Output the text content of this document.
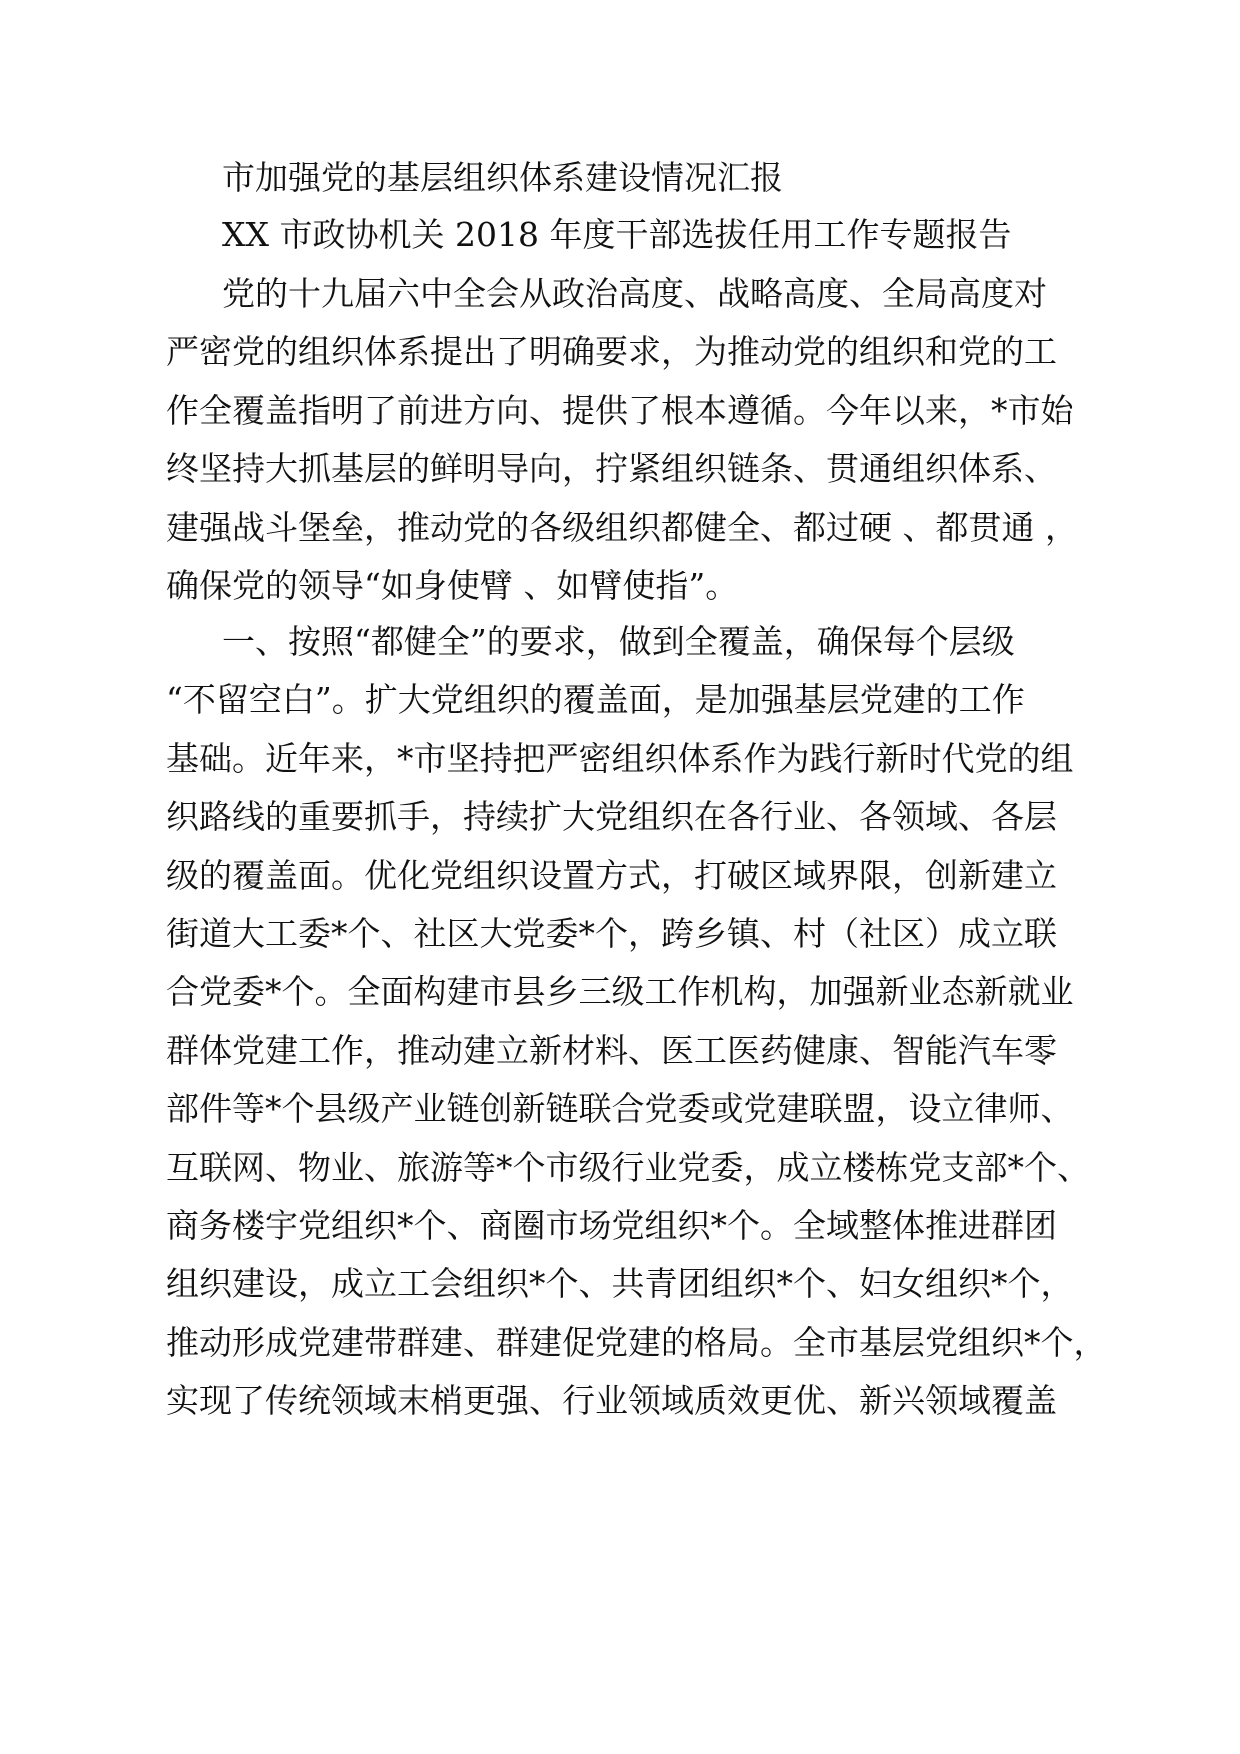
市加强党的基层组织体系建设情况汇报
XX 市政协机关 2018 年度干部选拔任用工作专题报告
党的十九届六中全会从政治高度、战略高度、全局高度对
严密党的组织体系提出了明确要求，为推动党的组织和党的工
作全覆盖指明了前进方向、提供了根本遵循。今年以来，*市始
终坚持大抓基层的鲜明导向，拧紧组织链条、贯通组织体系、
建强战斗堡垒，推动党的各级组织都健全、都过硬 、都贯通 ，
确保党的领导“如身使臂 、如臂使指”。
一、按照“都健全”的要求，做到全覆盖，确保每个层级
“不留空白”。扩大党组织的覆盖面，是加强基层党建的工作
基础。近年来，*市坚持把严密组织体系作为践行新时代党的组
织路线的重要抓手，持续扩大党组织在各行业、各领域、各层
级的覆盖面。优化党组织设置方式，打破区域界限，创新建立
街道大工委*个、社区大党委*个，跨乡镇、村（社区）成立联
合党委*个。全面构建市县乡三级工作机构，加强新业态新就业
群体党建工作，推动建立新材料、医工医药健康、智能汽车零
部件等*个县级产业链创新链联合党委或党建联盟，设立律师、
互联网、物业、旅游等*个市级行业党委，成立楼栋党支部*个、
商务楼宇党组织*个、商圈市场党组织*个。全域整体推进群团
组织建设，成立工会组织*个、共青团组织*个、妇女组织*个，
推动形成党建带群建、群建促党建的格局。全市基层党组织*个，
实现了传统领域末梢更强、行业领域质效更优、新兴领域覆盖
